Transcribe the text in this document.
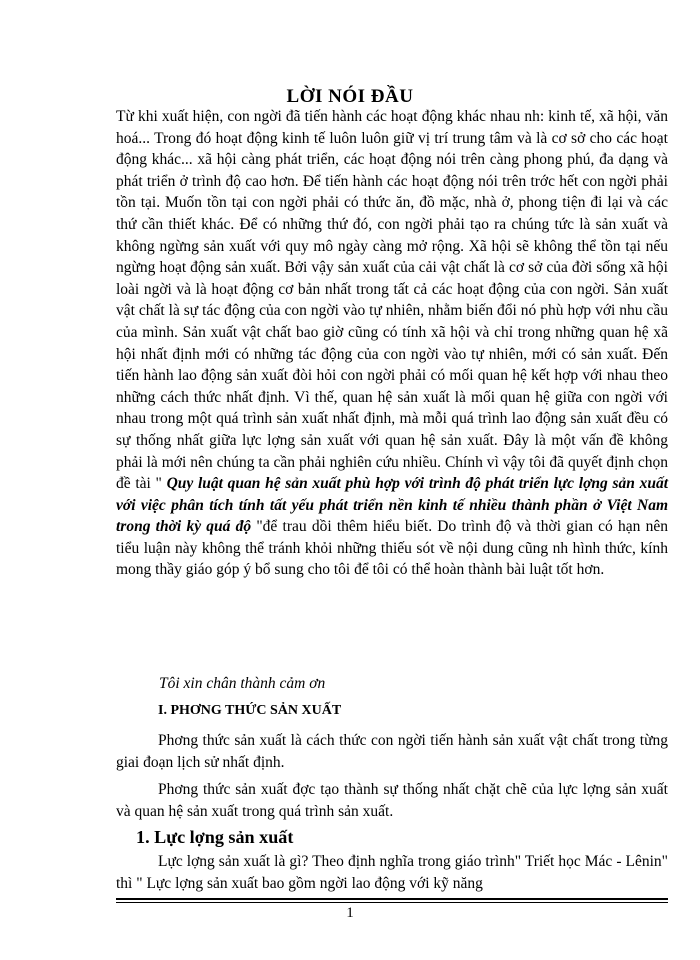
LỜI NÓI ĐẦU

Từ khi xuất hiện, con ngời đã tiến hành các hoạt động khác nhau nh: kinh tế, xã hội, văn hoá... Trong đó hoạt động kinh tế luôn luôn giữ vị trí trung tâm và là cơ sở cho các hoạt động khác... xã hội càng phát triển, các hoạt động nói trên càng phong phú, đa dạng và phát triển ở trình độ cao hơn. Để tiến hành các hoạt động nói trên trớc hết con ngời phải tồn tại. Muốn tồn tại con ngời phải có thức ăn, đồ mặc, nhà ở, phong tiện đi lại và các thứ cần thiết khác. Để có những thứ đó, con ngời phải tạo ra chúng tức là sản xuất và không ngừng sản xuất với quy mô ngày càng mở rộng. Xã hội sẽ không thể tồn tại nếu ngừng hoạt động sản xuất. Bởi vậy sản xuất của cải vật chất là cơ sở của đời sống xã hội loài ngời và là hoạt động cơ bản nhất trong tất cả các hoạt động của con ngời. Sản xuất vật chất là sự tác động của con ngời vào tự nhiên, nhằm biến đổi nó phù hợp với nhu cầu của mình. Sản xuất vật chất bao giờ cũng có tính xã hội và chỉ trong những quan hệ xã hội nhất định mới có những tác động của con ngời vào tự nhiên, mới có sản xuất. Đến tiến hành lao động sản xuất đòi hỏi con ngời phải có mối quan hệ kết hợp với nhau theo những cách thức nhất định. Vì thế, quan hệ sản xuất là mối quan hệ giữa con ngời với nhau trong một quá trình sản xuất nhất định, mà mỗi quá trình lao động sản xuất đều có sự thống nhất giữa lực lợng sản xuất với quan hệ sản xuất. Đây là một vấn đề không phải là mới nên chúng ta cần phải nghiên cứu nhiều. Chính vì vậy tôi đã quyết định chọn đề tài " Quy luật quan hệ sản xuất phù hợp với trình độ phát triển lực lợng sản xuất với việc phân tích tính tất yếu phát triển nền kinh tế nhiều thành phần ở Việt Nam trong thời kỳ quá độ "để trau dồi thêm hiểu biết. Do trình độ và thời gian có hạn nên tiểu luận này không thể tránh khỏi những thiếu sót về nội dung cũng nh hình thức, kính mong thầy giáo góp ý bổ sung cho tôi để tôi có thể hoàn thành bài luật tốt hơn.

Tôi xin chân thành cảm ơn

I. PHƠNG THỨC SẢN XUẤT

Phơng thức sản xuất là cách thức con ngời tiến hành sản xuất vật chất trong từng giai đoạn lịch sử nhất định.

Phơng thức sản xuất đợc tạo thành sự thống nhất chặt chẽ của lực lợng sản xuất và quan hệ sản xuất trong quá trình sản xuất.

1. Lực lợng sản xuất

Lực lợng sản xuất là gì? Theo định nghĩa trong giáo trình" Triết học Mác - Lênin" thì " Lực lợng sản xuất bao gồm ngời lao động với kỹ năng

1
